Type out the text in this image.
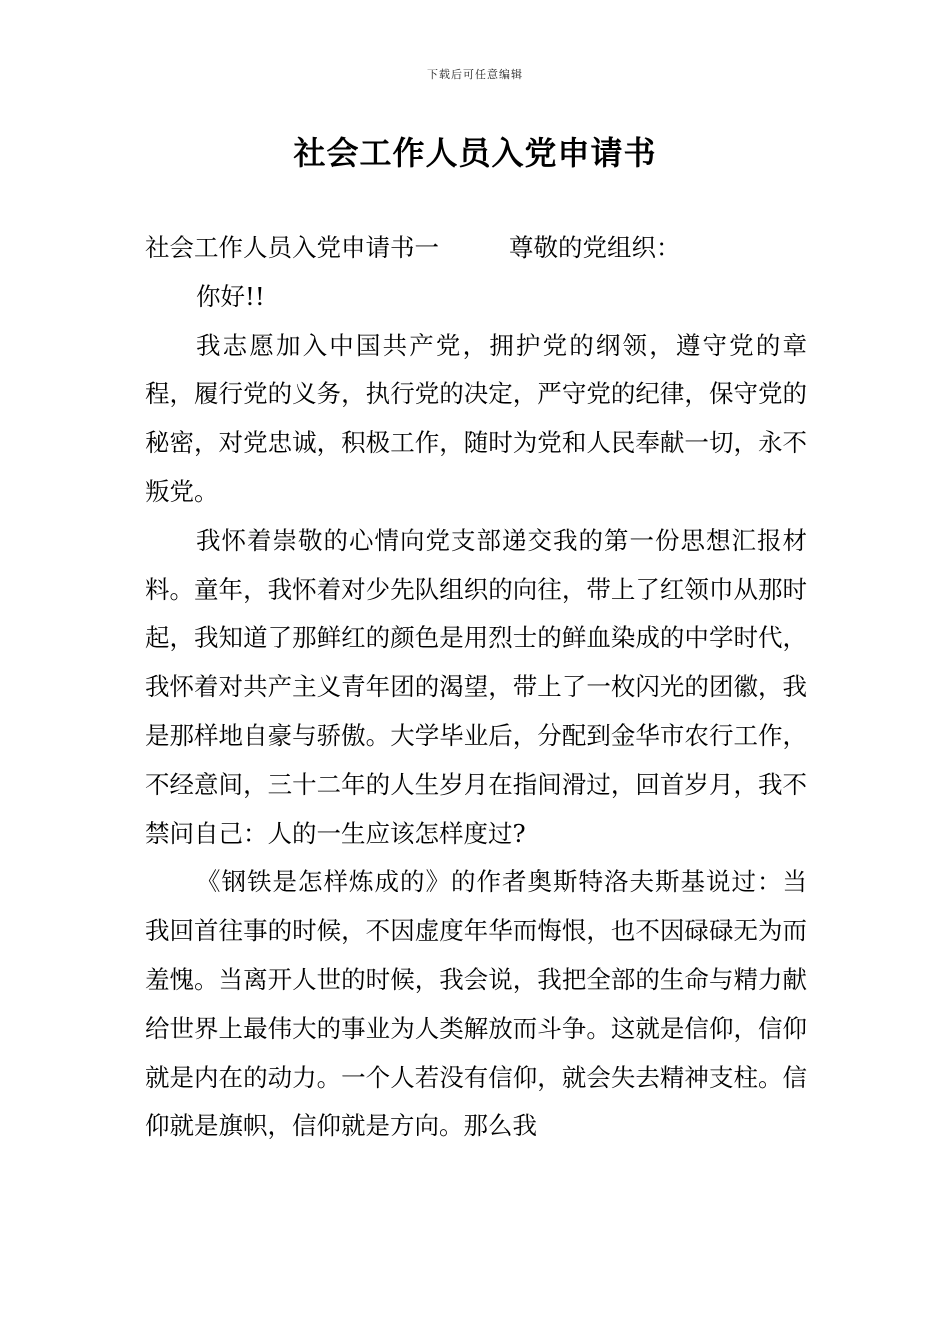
下载后可任意编辑
社会工作人员入党申请书

社会工作人员入党申请书一	尊敬的党组织：

你好!!

我志愿加入中国共产党，拥护党的纲领，遵守党的章程，履行党的义务，执行党的决定，严守党的纪律，保守党的秘密，对党忠诚，积极工作，随时为党和人民奉献一切，永不叛党。

我怀着崇敬的心情向党支部递交我的第一份思想汇报材料。童年，我怀着对少先队组织的向往，带上了红领巾从那时起，我知道了那鲜红的颜色是用烈士的鲜血染成的中学时代，我怀着对共产主义青年团的渴望，带上了一枚闪光的团徽，我是那样地自豪与骄傲。大学毕业后，分配到金华市农行工作，不经意间，三十二年的人生岁月在指间滑过，回首岁月，我不禁问自己：人的一生应该怎样度过?

《钢铁是怎样炼成的》的作者奥斯特洛夫斯基说过：当我回首往事的时候，不因虚度年华而悔恨，也不因碌碌无为而羞愧。当离开人世的时候，我会说，我把全部的生命与精力献给世界上最伟大的事业为人类解放而斗争。这就是信仰，信仰就是内在的动力。一个人若没有信仰，就会失去精神支柱。信仰就是旗帜，信仰就是方向。那么我
